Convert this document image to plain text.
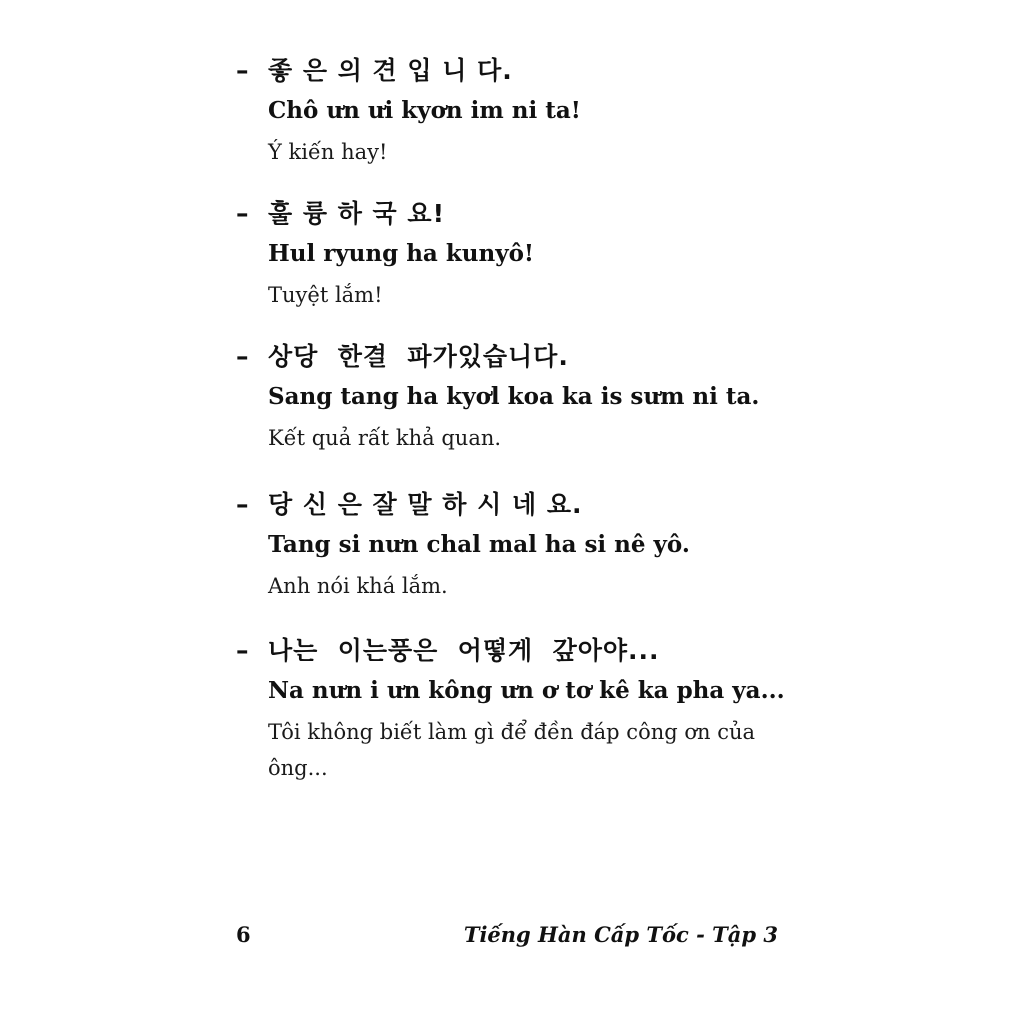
– 좋 은 의 견 입 니 다.
Chô ưn ưi kyơn im ni ta!
Ý kiến hay!
– 훌 륭 하 국 요!
Hul ryung ha kunyô!
Tuyệt lắm!
– 상당  한결  파가있습니다.
Sang tang ha kyơl koa ka is sưm ni ta.
Kết quả rất khả quan.
– 당 신 은 잘 말 하 시 네 요.
Tang si nưn chal mal ha si nê yô.
Anh nói khá lắm.
– 나는  이는풍은  어떻게  갚아야...
Na nưn i ưn kông ưn ơ tơ kê ka pha ya...
Tôi không biết làm gì để đền đáp công ơn của ông...
6	Tiếng Hàn Cấp Tốc - Tập 3
